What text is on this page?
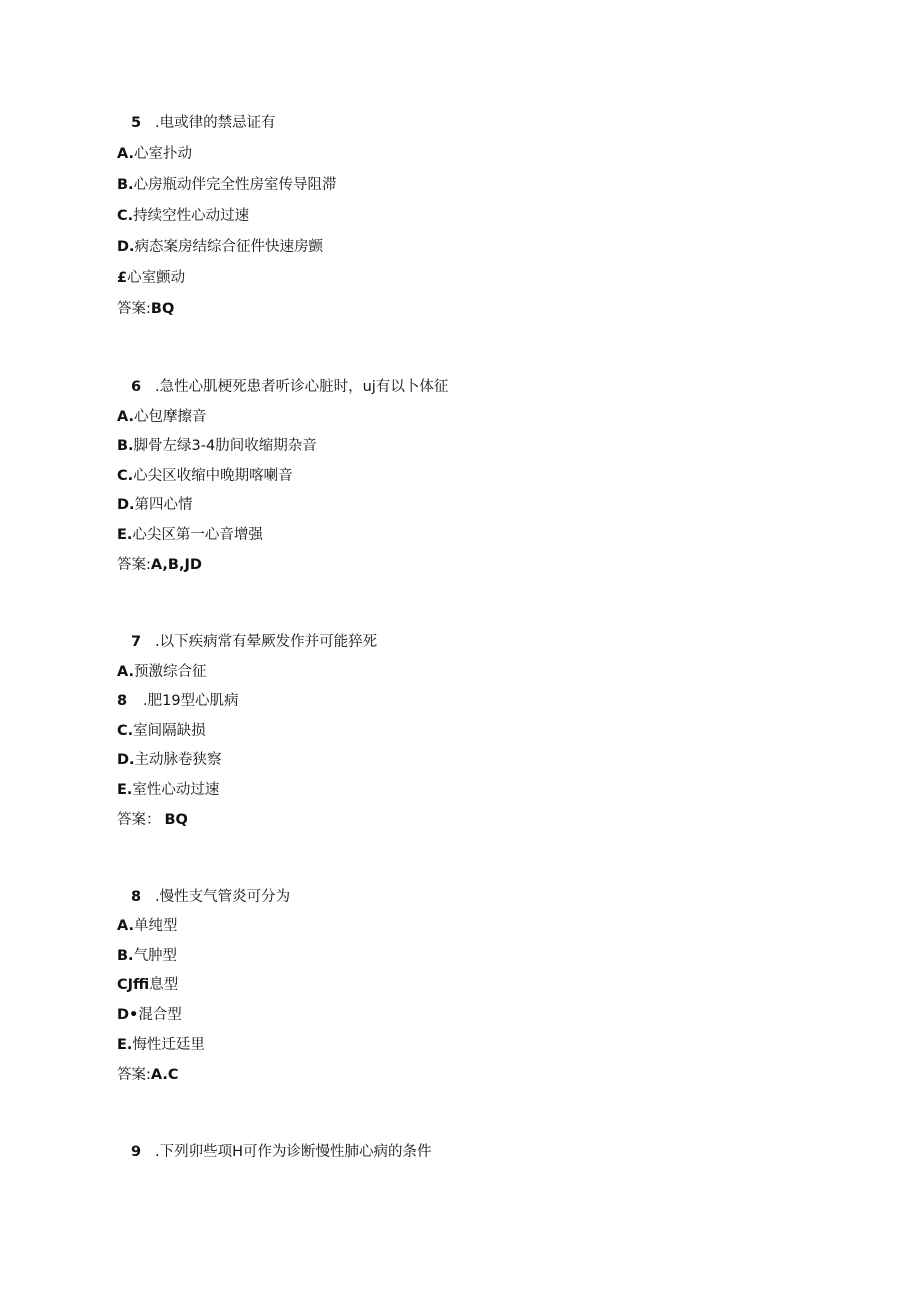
5 .电或律的禁忌证有
A.心室扑动
B.心房瓶动伴完全性房室传导阻滞
C.持续空性心动过速
D.病态案房结综合征件快速房颤
£心室颤动
答案:BQ
6 .急性心肌梗死患者听诊心脏时，uj有以卜体征
A.心包摩擦音
B.脚骨左绿3-4肋间收缩期杂音
C.心尖区收缩中晚期喀喇音
D.第四心情
E.心尖区第一心音增强
答案:A,B,JD
7 .以下疾病常有晕厥发作并可能猝死
A.预激综合征
8 .肥19型心肌病
C.室间隔缺损
D.主动脉卷狭察
E.室性心动过速
答案： BQ
8 .慢性支气管炎可分为
A.单纯型
B.气肿型
CJffi息型
D•混合型
E.悔性迁廷里
答案:A.C
9 .下列卯些项H可作为诊断慢性肺心病的条件
